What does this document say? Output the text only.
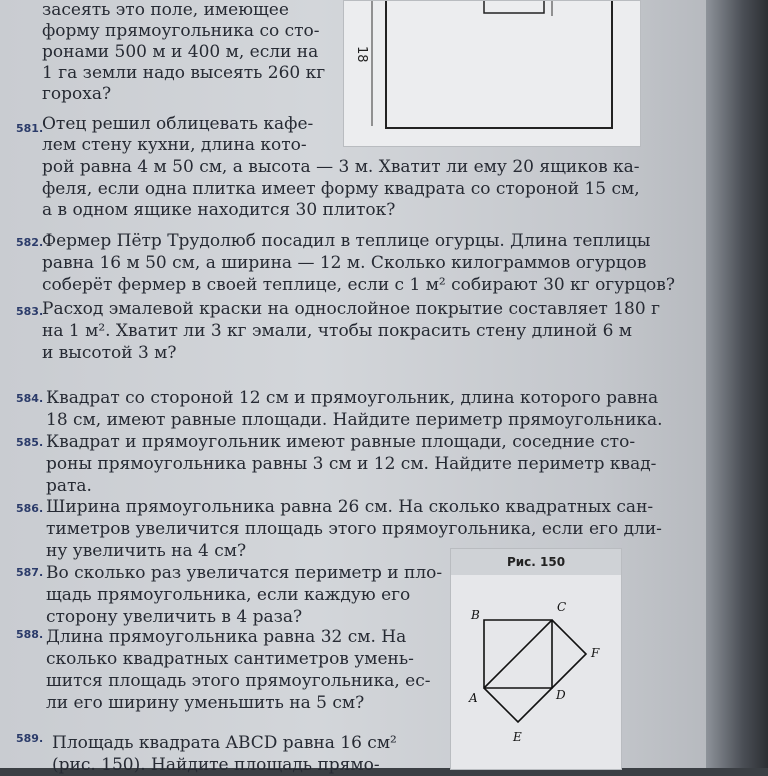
18
засеять это поле, имеющее
форму прямоугольника со сто-
ронами 500 м и 400 м, если на
1 га земли надо высеять 260 кг
гороха?
581.
Отец решил облицевать кафе-
лем стену кухни, длина кото-
рой равна 4 м 50 см, а высота — 3 м. Хватит ли ему 20 ящиков ка-
феля, если одна плитка имеет форму квадрата со стороной 15 см,
а в одном ящике находится 30 плиток?
582.
Фермер Пётр Трудолюб посадил в теплице огурцы. Длина теплицы
равна 16 м 50 см, а ширина — 12 м. Сколько килограммов огурцов
соберёт фермер в своей теплице, если с 1 м² собирают 30 кг огурцов?
583.
Расход эмалевой краски на однослойное покрытие составляет 180 г
на 1 м². Хватит ли 3 кг эмали, чтобы покрасить стену длиной 6 м
и высотой 3 м?
584. Квадрат со стороной 12 см и прямоугольник, длина которого равна
18 см, имеют равные площади. Найдите периметр прямоугольника.
585. Квадрат и прямоугольник имеют равные площади, соседние сто-
роны прямоугольника равны 3 см и 12 см. Найдите периметр квад-
рата.
586. Ширина прямоугольника равна 26 см. На сколько квадратных сан-
тиметров увеличится площадь этого прямоугольника, если его дли-
ну увеличить на 4 см?
587. Во сколько раз увеличатся периметр и пло-
щадь прямоугольника, если каждую его
сторону увеличить в 4 раза?
588. Длина прямоугольника равна 32 см. На
сколько квадратных сантиметров умень-
шится площадь этого прямоугольника, ес-
ли его ширину уменьшить на 5 см?
589. Площадь квадрата ABCD равна 16 см²
(рис. 150). Найдите площадь прямо-
Рис. 150
B
C
F
D
A
E
